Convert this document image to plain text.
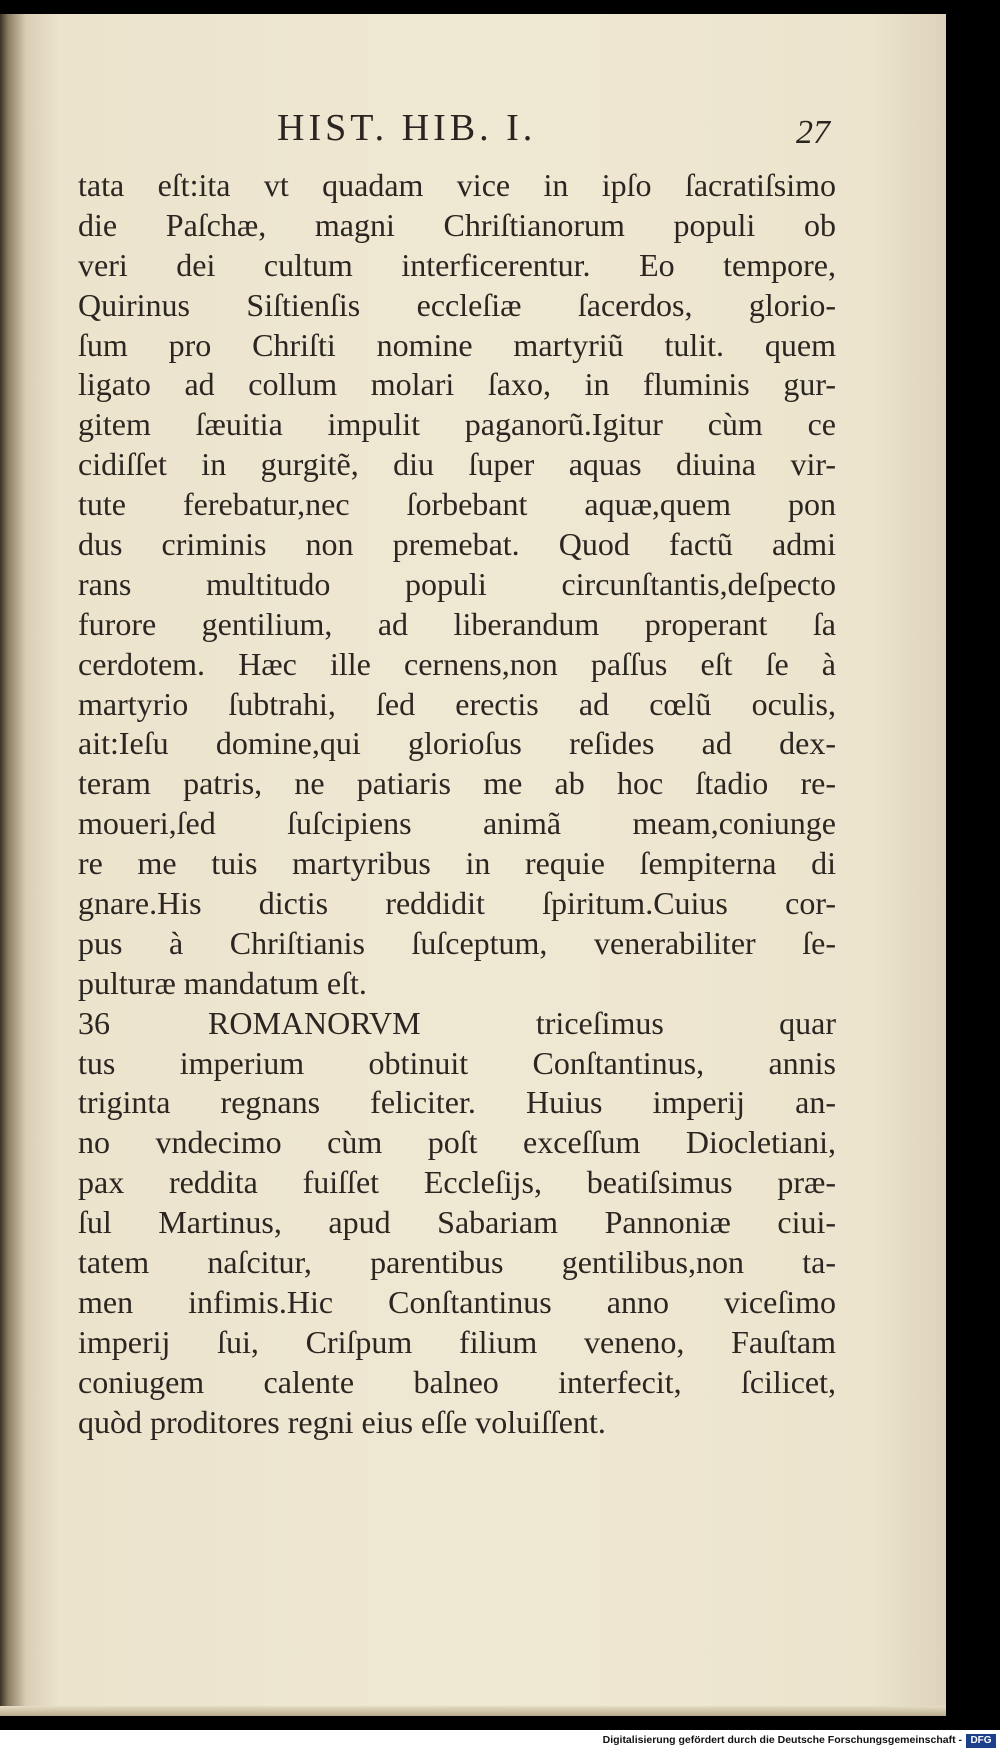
HIST. HIB. I.	27
tata eſt:ita vt quadam vice in ipſo ſacratiſsimo
die Paſchæ, magni Chriſtianorum populi ob
veri dei cultum interficerentur. Eo tempore,
Quirinus Siſtienſis eccleſiæ ſacerdos, glorio-
ſum pro Chriſti nomine martyriũ tulit. quem
ligato ad collum molari ſaxo, in fluminis gur-
gitem ſæuitia impulit paganorũ.Igitur cùm ce
cidiſſet in gurgitẽ, diu ſuper aquas diuina vir-
tute ferebatur,nec ſorbebant aquæ,quem pon
dus criminis non premebat. Quod factũ admi
rans multitudo populi circunſtantis,deſpecto
furore gentilium, ad liberandum properant ſa
cerdotem. Hæc ille cernens,non paſſus eſt ſe à
martyrio ſubtrahi, ſed erectis ad cœlũ oculis,
ait:Ieſu domine,qui glorioſus reſides ad dex-
teram patris, ne patiaris me ab hoc ſtadio re-
moueri,ſed ſuſcipiens animã meam,coniunge
re me tuis martyribus in requie ſempiterna di
gnare.His dictis reddidit ſpiritum.Cuius cor-
pus à Chriſtianis ſuſceptum, venerabiliter ſe-
pulturæ mandatum eſt.
36	ROMANORVM triceſimus quar
tus imperium obtinuit Conſtantinus, annis
triginta regnans feliciter. Huius imperij an-
no vndecimo cùm poſt exceſſum Diocletiani,
pax reddita fuiſſet Eccleſijs, beatiſsimus præ-
ſul Martinus, apud Sabariam Pannoniæ ciui-
tatem naſcitur, parentibus gentilibus,non ta-
men infimis.Hic Conſtantinus anno viceſimo
imperij ſui, Criſpum filium veneno, Fauſtam
coniugem calente balneo interfecit, ſcilicet,
quòd proditores regni eius eſſe voluiſſent.
Digitalisierung gefördert durch die Deutsche Forschungsgemeinschaft - DFG
